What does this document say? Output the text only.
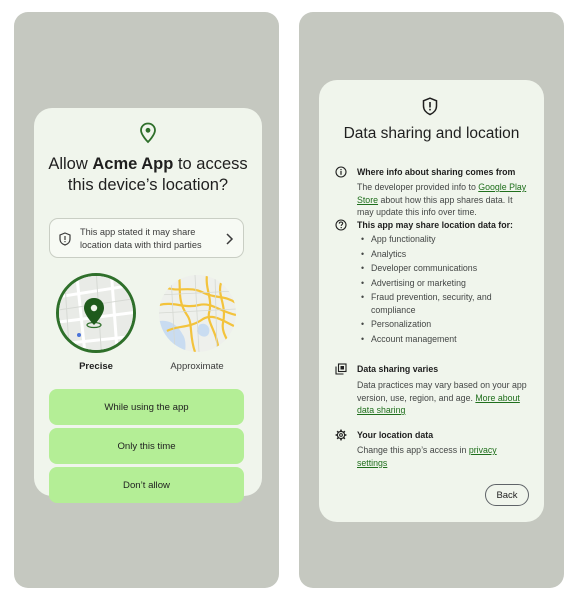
Allow Acme App to access this device’s location?
This app stated it may share location data with third parties
Precise	Approximate
While using the app
Only this time
Don’t allow
Data sharing and location
Where info about sharing comes from
The developer provided info to Google Play Store about how this app shares data. It may update this info over time.
This app may share location data for:
• App functionality
• Analytics
• Developer communications
• Advertising or marketing
• Fraud prevention, security, and compliance
• Personalization
• Account management
Data sharing varies
Data practices may vary based on your app version, use, region, and age. More about data sharing
Your location data
Change this app’s access in privacy settings
Back
